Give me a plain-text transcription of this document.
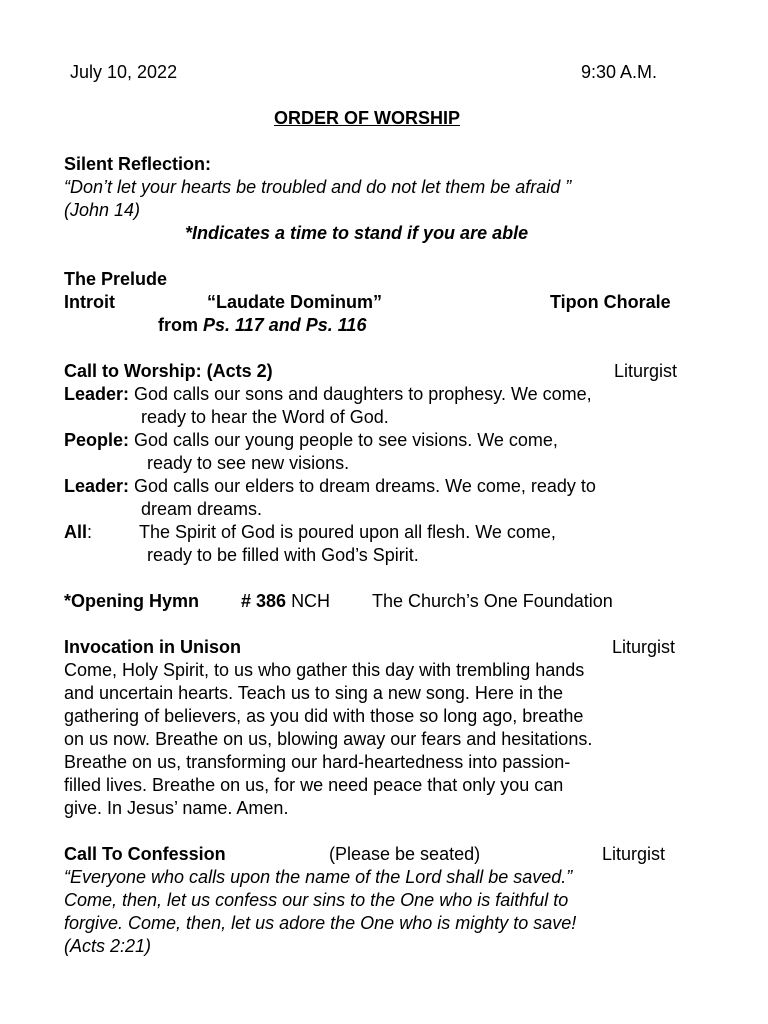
July 10, 2022	9:30 A.M.
ORDER OF WORSHIP
Silent Reflection:
“Don’t let your hearts be troubled and do not let them be afraid ”
(John 14)
*Indicates a time to stand if you are able
The Prelude
Introit	“Laudate Dominum”	Tipon Chorale
from Ps. 117 and Ps. 116
Call to Worship: (Acts 2)	Liturgist
Leader: God calls our sons and daughters to prophesy. We come,
ready to hear the Word of God.
People: God calls our young people to see visions. We come,
ready to see new visions.
Leader: God calls our elders to dream dreams. We come, ready to
dream dreams.
All:	The Spirit of God is poured upon all flesh. We come,
ready to be filled with God’s Spirit.
*Opening Hymn # 386 NCH The Church’s One Foundation
Invocation in Unison	Liturgist
Come, Holy Spirit, to us who gather this day with trembling hands
and uncertain hearts. Teach us to sing a new song. Here in the
gathering of believers, as you did with those so long ago, breathe
on us now. Breathe on us, blowing away our fears and hesitations.
Breathe on us, transforming our hard-heartedness into passion-
filled lives. Breathe on us, for we need peace that only you can
give. In Jesus’ name. Amen.
Call To Confession	(Please be seated)	Liturgist
“Everyone who calls upon the name of the Lord shall be saved.”
Come, then, let us confess our sins to the One who is faithful to
forgive. Come, then, let us adore the One who is mighty to save!
(Acts 2:21)
